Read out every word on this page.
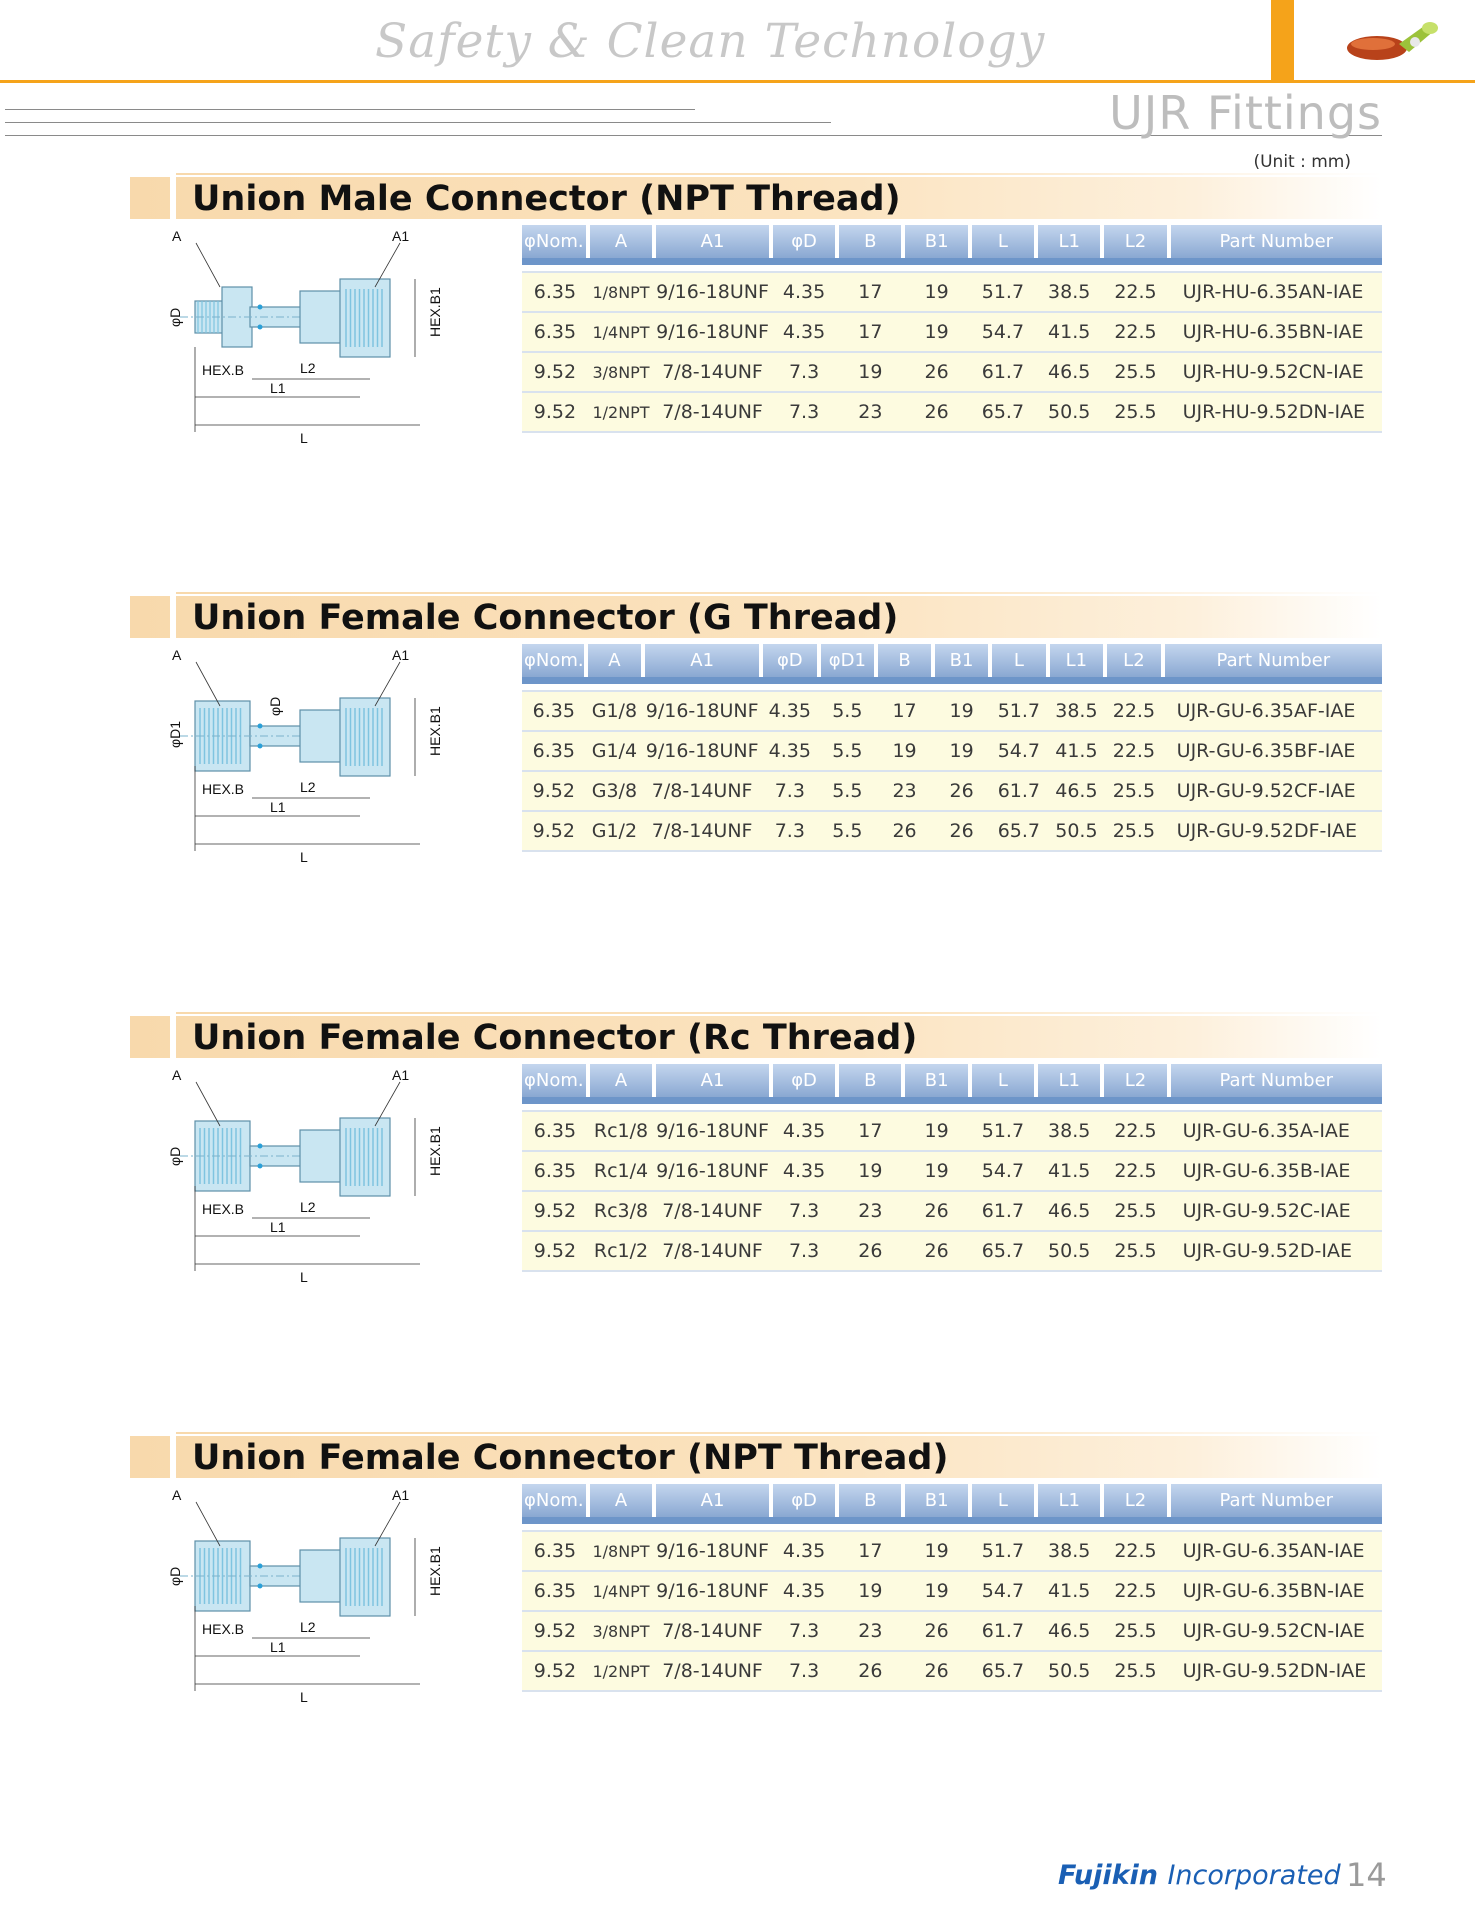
Safety & Clean Technology
UJR Fittings
(Unit : mm)
Union Male Connector (NPT Thread)
A	A1
HEX.B1
φD
HEX.B	L2
L1
L
φNom.	A	A1	φD	B	B1	L	L1	L2	Part Number

6.35	1/8NPT	9/16-18UNF	4.35	17	19	51.7	38.5	22.5	UJR-HU-6.35AN-IAE
6.35	1/4NPT	9/16-18UNF	4.35	17	19	54.7	41.5	22.5	UJR-HU-6.35BN-IAE
9.52	3/8NPT	7/8-14UNF	7.3	19	26	61.7	46.5	25.5	UJR-HU-9.52CN-IAE
9.52	1/2NPT	7/8-14UNF	7.3	23	26	65.7	50.5	25.5	UJR-HU-9.52DN-IAE
Union Female Connector (G Thread)
A	A1
HEX.B1
φD1
φD
HEX.B	L2
L1
L
φNom.	A	A1	φD	φD1	B	B1	L	L1	L2	Part Number

6.35	G1/8	9/16-18UNF	4.35	5.5	17	19	51.7	38.5	22.5	UJR-GU-6.35AF-IAE
6.35	G1/4	9/16-18UNF	4.35	5.5	19	19	54.7	41.5	22.5	UJR-GU-6.35BF-IAE
9.52	G3/8	7/8-14UNF	7.3	5.5	23	26	61.7	46.5	25.5	UJR-GU-9.52CF-IAE
9.52	G1/2	7/8-14UNF	7.3	5.5	26	26	65.7	50.5	25.5	UJR-GU-9.52DF-IAE
Union Female Connector (Rc Thread)
A	A1
HEX.B1
φD
HEX.B	L2
L1
L
φNom.	A	A1	φD	B	B1	L	L1	L2	Part Number

6.35	Rc1/8	9/16-18UNF	4.35	17	19	51.7	38.5	22.5	UJR-GU-6.35A-IAE
6.35	Rc1/4	9/16-18UNF	4.35	19	19	54.7	41.5	22.5	UJR-GU-6.35B-IAE
9.52	Rc3/8	7/8-14UNF	7.3	23	26	61.7	46.5	25.5	UJR-GU-9.52C-IAE
9.52	Rc1/2	7/8-14UNF	7.3	26	26	65.7	50.5	25.5	UJR-GU-9.52D-IAE
Union Female Connector (NPT Thread)
A	A1
HEX.B1
φD
HEX.B	L2
L1
L
φNom.	A	A1	φD	B	B1	L	L1	L2	Part Number

6.35	1/8NPT	9/16-18UNF	4.35	17	19	51.7	38.5	22.5	UJR-GU-6.35AN-IAE
6.35	1/4NPT	9/16-18UNF	4.35	19	19	54.7	41.5	22.5	UJR-GU-6.35BN-IAE
9.52	3/8NPT	7/8-14UNF	7.3	23	26	61.7	46.5	25.5	UJR-GU-9.52CN-IAE
9.52	1/2NPT	7/8-14UNF	7.3	26	26	65.7	50.5	25.5	UJR-GU-9.52DN-IAE
Fujikin Incorporated 14
